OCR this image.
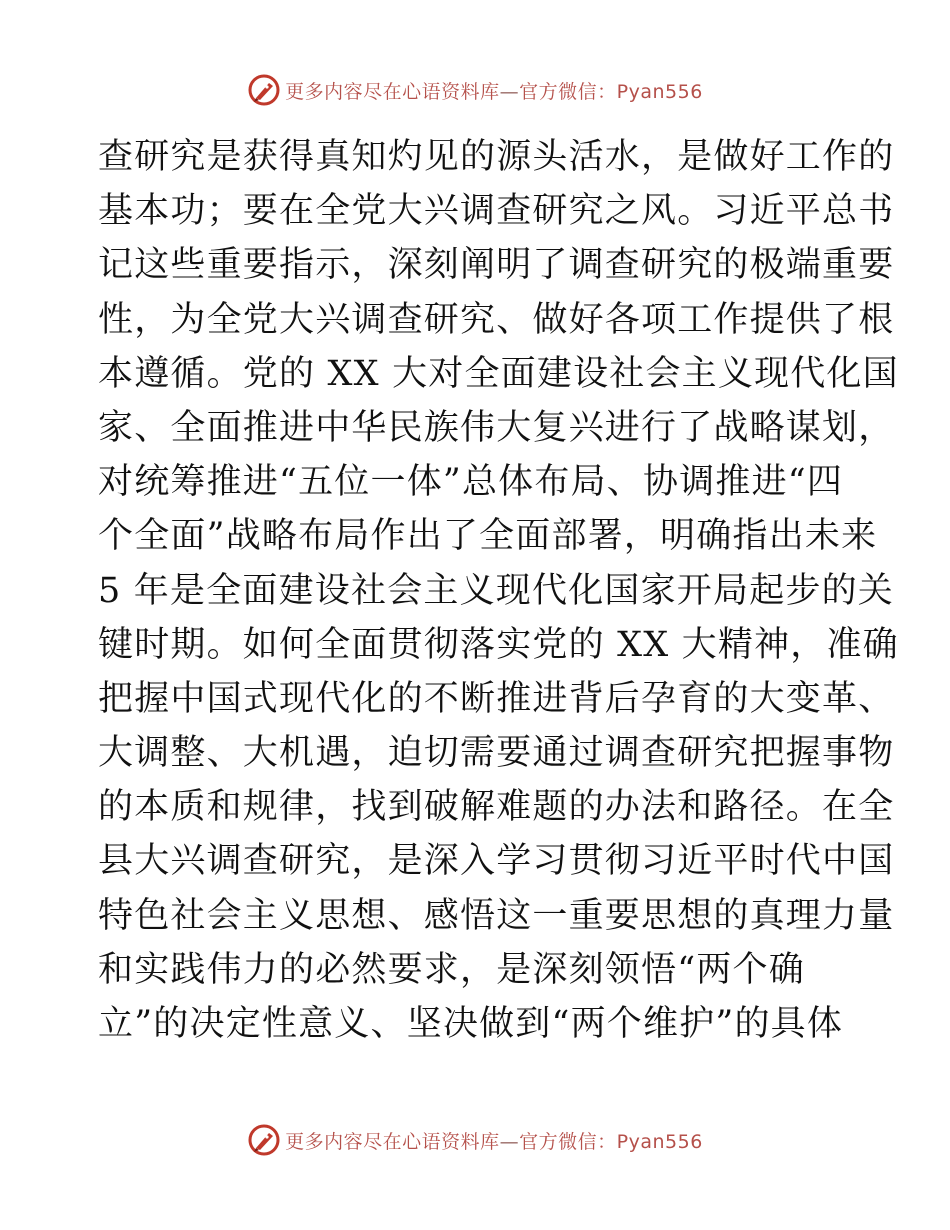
更多内容尽在心语资料库—官方微信：Pyan556
查研究是获得真知灼见的源头活水，是做好工作的
基本功；要在全党大兴调查研究之风。习近平总书
记这些重要指示，深刻阐明了调查研究的极端重要
性，为全党大兴调查研究、做好各项工作提供了根
本遵循。党的 XX 大对全面建设社会主义现代化国
家、全面推进中华民族伟大复兴进行了战略谋划，
对统筹推进“五位一体”总体布局、协调推进“四
个全面”战略布局作出了全面部署，明确指出未来
5 年是全面建设社会主义现代化国家开局起步的关
键时期。如何全面贯彻落实党的 XX 大精神，准确
把握中国式现代化的不断推进背后孕育的大变革、
大调整、大机遇，迫切需要通过调查研究把握事物
的本质和规律，找到破解难题的办法和路径。在全
县大兴调查研究，是深入学习贯彻习近平时代中国
特色社会主义思想、感悟这一重要思想的真理力量
和实践伟力的必然要求，是深刻领悟“两个确
立”的决定性意义、坚决做到“两个维护”的具体
更多内容尽在心语资料库—官方微信：Pyan556
